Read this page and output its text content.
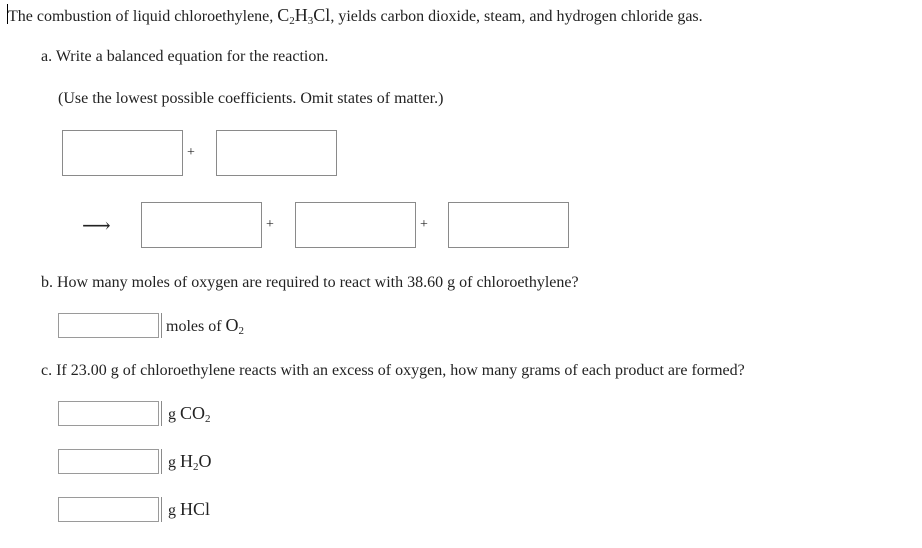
The combustion of liquid chloroethylene, $C_2H_3Cl$, yields carbon dioxide, steam, and hydrogen chloride gas.
a. Write a balanced equation for the reaction.
(Use the lowest possible coefficients. Omit states of matter.)
+
⟶	+	+
b. How many moles of oxygen are required to react with 38.60 g of chloroethylene?
moles of $O_2$
c. If 23.00 g of chloroethylene reacts with an excess of oxygen, how many grams of each product are formed?
g $CO_2$
g $H_2O$
g HCl
